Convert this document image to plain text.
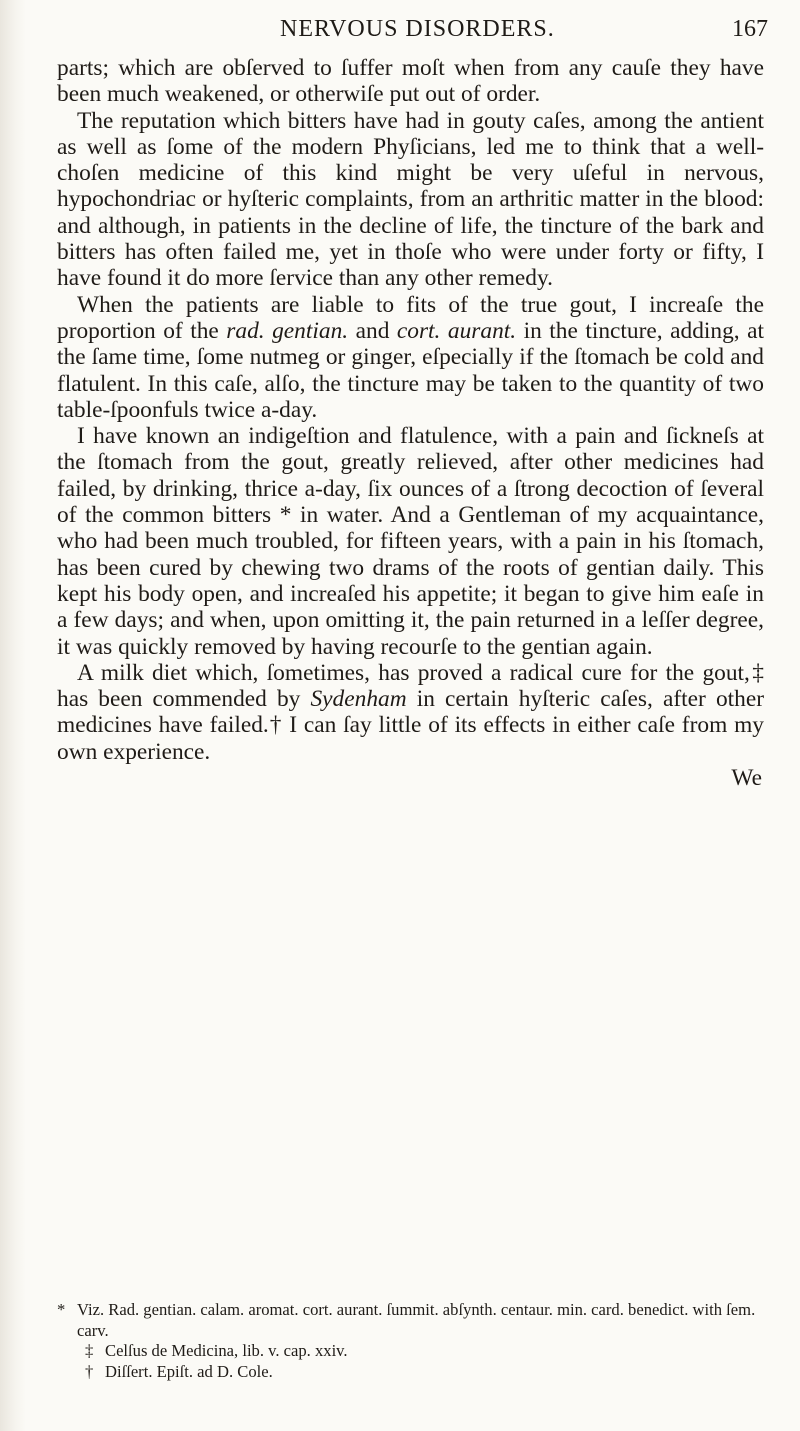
NERVOUS DISORDERS.	167

parts; which are obſerved to ſuffer moſt when from any cauſe they have been much weakened, or otherwiſe put out of order.

The reputation which bitters have had in gouty caſes, among the antient as well as ſome of the modern Phyſicians, led me to think that a well-choſen medicine of this kind might be very uſeful in nervous, hypochondriac or hyſteric complaints, from an arthritic matter in the blood: and although, in patients in the decline of life, the tincture of the bark and bitters has often failed me, yet in thoſe who were under forty or fifty, I have found it do more ſervice than any other remedy.

When the patients are liable to fits of the true gout, I increaſe the proportion of the rad. gentian. and cort. aurant. in the tincture, adding, at the ſame time, ſome nutmeg or ginger, eſpecially if the ſtomach be cold and flatulent. In this caſe, alſo, the tincture may be taken to the quantity of two table-ſpoonfuls twice a-day.

I have known an indigeſtion and flatulence, with a pain and ſickneſs at the ſtomach from the gout, greatly relieved, after other medicines had failed, by drinking, thrice a-day, ſix ounces of a ſtrong decoction of ſeveral of the common bitters * in water. And a Gentleman of my acquaintance, who had been much troubled, for fifteen years, with a pain in his ſtomach, has been cured by chewing two drams of the roots of gentian daily. This kept his body open, and increaſed his appetite; it began to give him eaſe in a few days; and when, upon omitting it, the pain returned in a leſſer degree, it was quickly removed by having recourſe to the gentian again.

A milk diet which, ſometimes, has proved a radical cure for the gout,‡ has been commended by Sydenham in certain hyſteric caſes, after other medicines have failed.† I can ſay little of its effects in either caſe from my own experience.

We

* Viz. Rad. gentian. calam. aromat. cort. aurant. ſummit. abſynth. centaur. min. card. benedict. with ſem. carv.

‡ Celſus de Medicina, lib. v. cap. xxiv.

† Diſſert. Epiſt. ad D. Cole.
